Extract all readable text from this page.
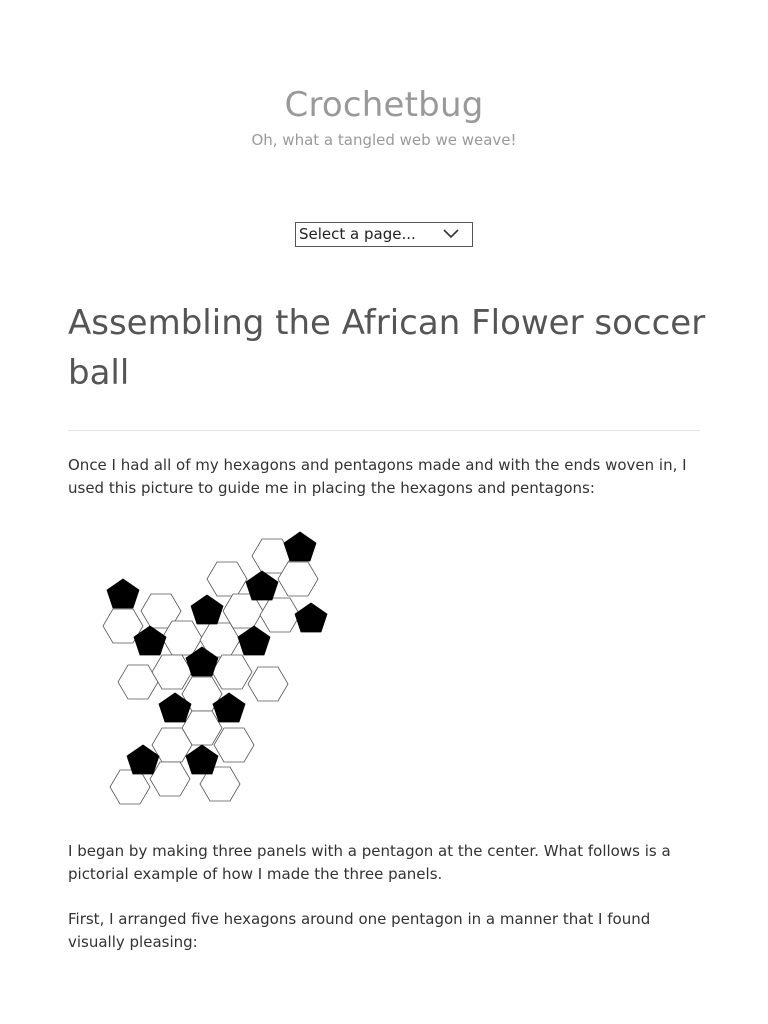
Crochetbug
Oh, what a tangled web we weave!
Select a page...
Assembling the African Flower soccer ball

Once I had all of my hexagons and pentagons made and with the ends woven in, I used this picture to guide me in placing the hexagons and pentagons:

I began by making three panels with a pentagon at the center. What follows is a pictorial example of how I made the three panels.

First, I arranged five hexagons around one pentagon in a manner that I found visually pleasing:
